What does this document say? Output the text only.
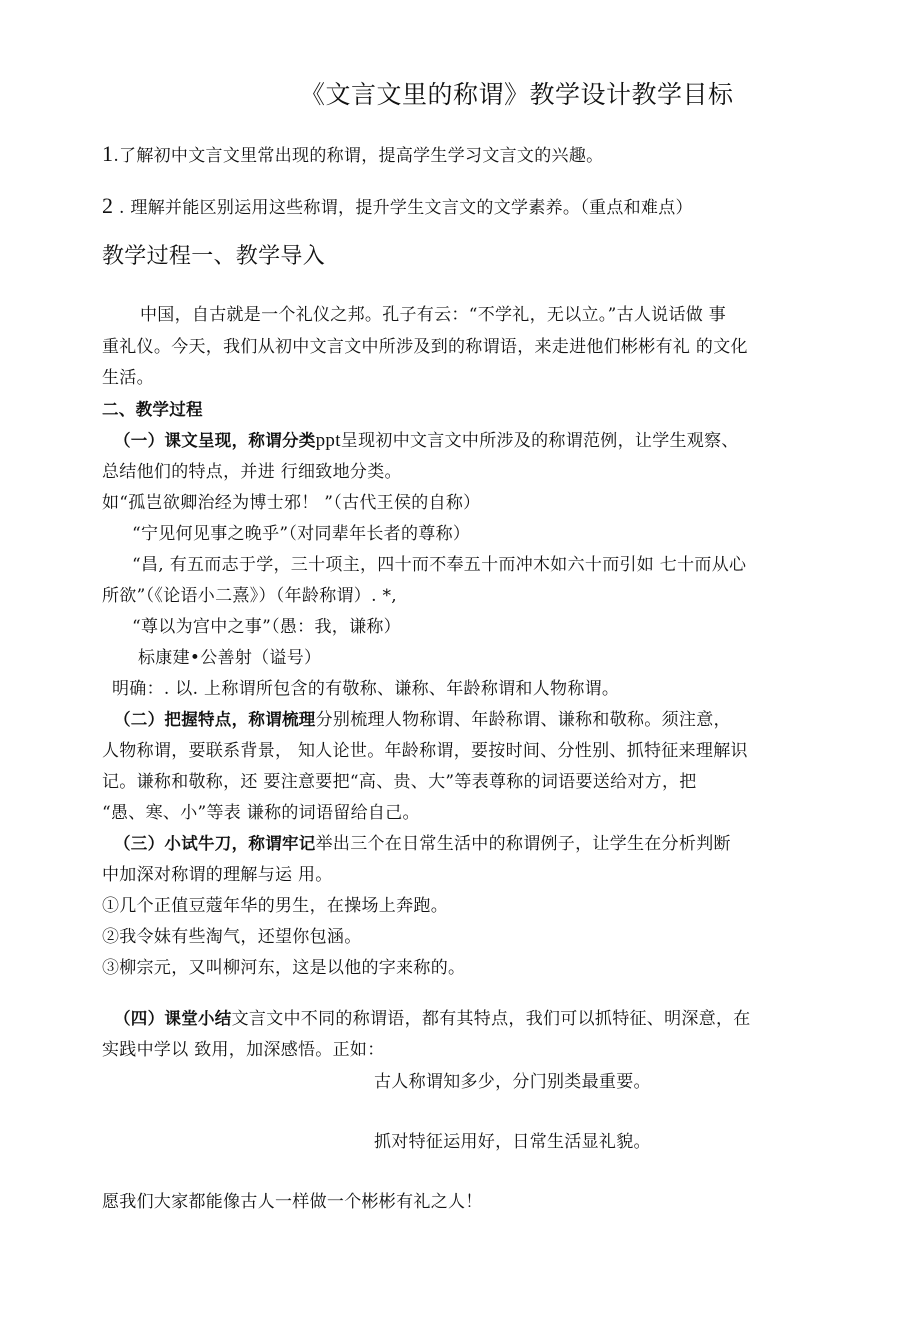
《文言文里的称谓》教学设计教学目标
1.了解初中文言文里常出现的称谓，提高学生学习文言文的兴趣。
2 . 理解并能区别运用这些称谓，提升学生文言文的文学素养。（重点和难点）
教学过程一、教学导入
中国，自古就是一个礼仪之邦。孔子有云：“不学礼，无以立。”古人说话做 事
重礼仪。今天，我们从初中文言文中所涉及到的称谓语，来走进他们彬彬有礼 的文化
生活。
二、教学过程
（一）课文呈现，称谓分类ppt呈现初中文言文中所涉及的称谓范例，让学生观察、
总结他们的特点，并进 行细致地分类。
如“孤岂欲卿治经为博士邪！ ”（古代王侯的自称）
“宁见何见事之晚乎”（对同辈年长者的尊称）
“昌, 有五而志于学，三十项主，四十而不奉五十而冲木如六十而引如 七十而从心
所欲”（《论语小二熹》）（年龄称谓）. *,
“尊以为宫中之事”（愚：我，谦称）
标康建•公善射（谥号）
明确：. 以. 上称谓所包含的有敬称、谦称、年龄称谓和人物称谓。
（二）把握特点，称谓梳理分别梳理人物称谓、年龄称谓、谦称和敬称。须注意，
人物称谓，要联系背景， 知人论世。年龄称谓，要按时间、分性别、抓特征来理解识
记。谦称和敬称，还 要注意要把“高、贵、大”等表尊称的词语要送给对方，把
“愚、寒、小”等表 谦称的词语留给自己。
（三）小试牛刀，称谓牢记举出三个在日常生活中的称谓例子，让学生在分析判断
中加深对称谓的理解与运 用。
①几个正值豆蔻年华的男生，在操场上奔跑。
②我令妹有些淘气，还望你包涵。
③柳宗元，又叫柳河东，这是以他的字来称的。
（四）课堂小结文言文中不同的称谓语，都有其特点，我们可以抓特征、明深意，在
实践中学以 致用，加深感悟。正如：
古人称谓知多少，分门别类最重要。
抓对特征运用好，日常生活显礼貌。
愿我们大家都能像古人一样做一个彬彬有礼之人！
